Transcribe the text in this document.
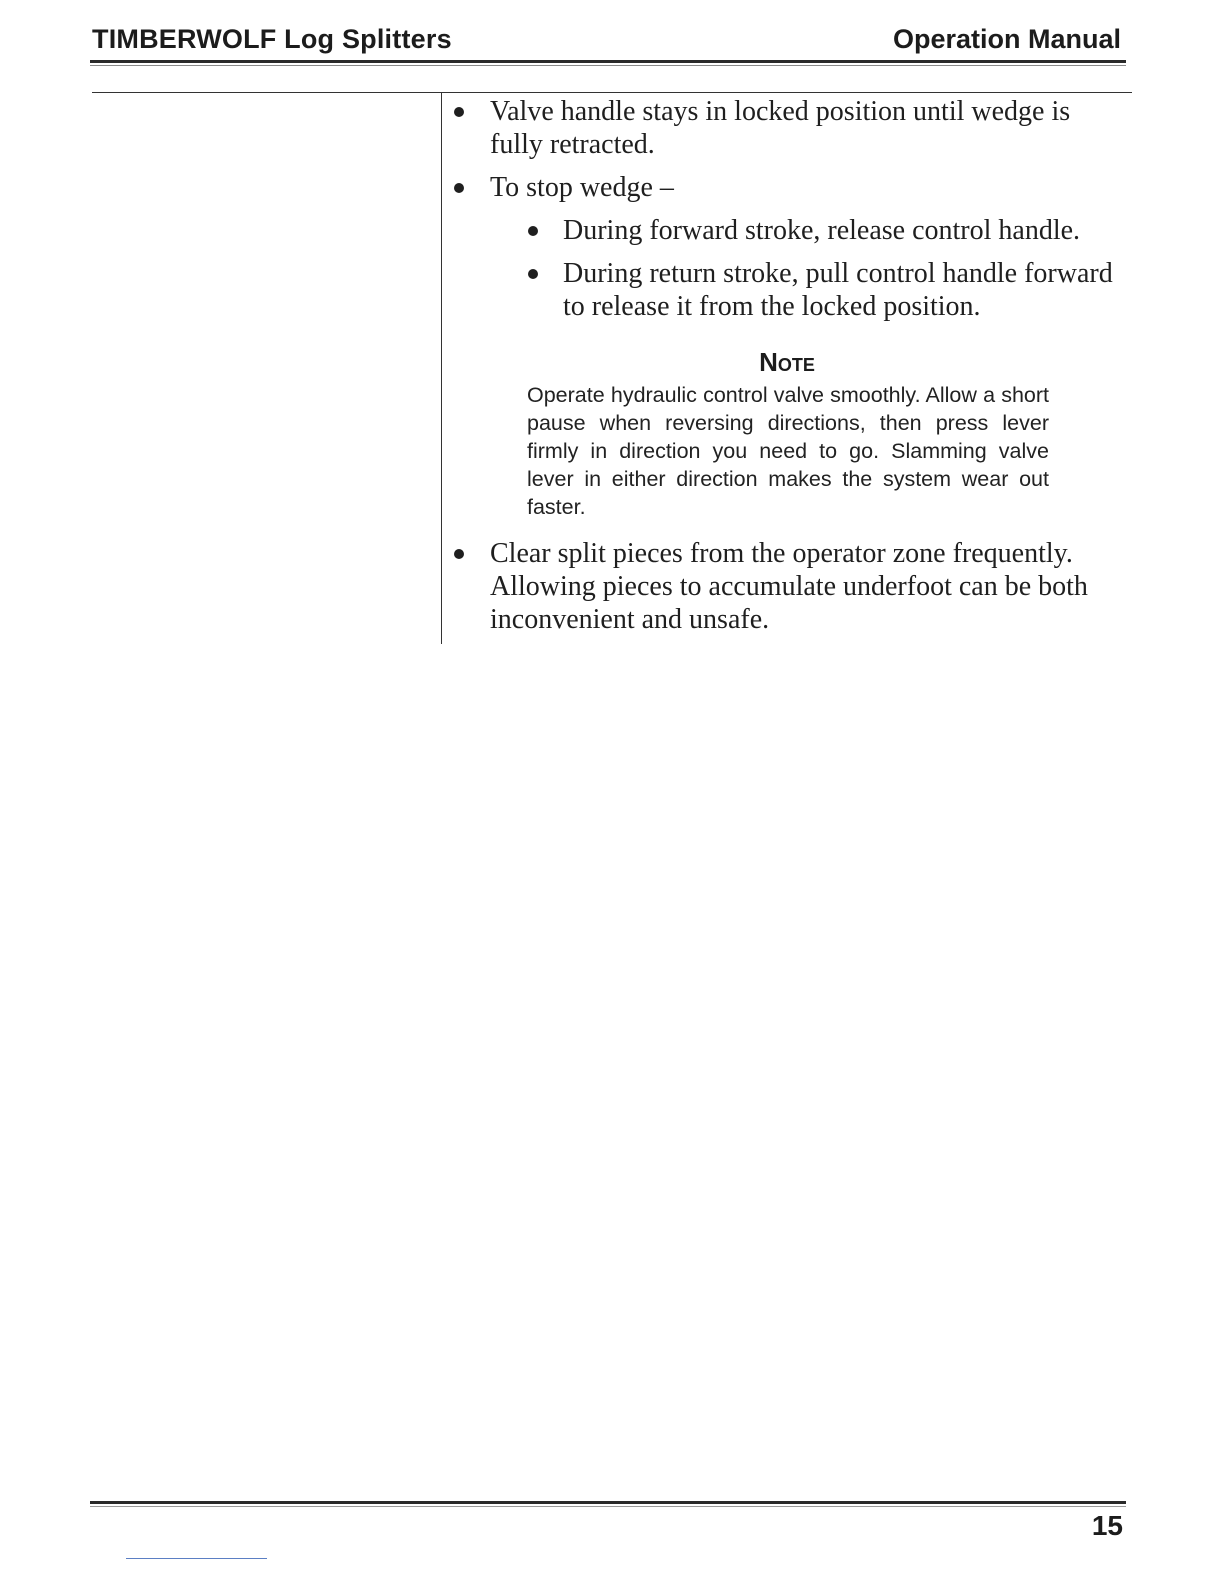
TIMBERWOLF Log Splitters	Operation Manual
Valve handle stays in locked position until wedge is fully retracted.
To stop wedge –
During forward stroke, release control handle.
During return stroke, pull control handle forward to release it from the locked position.
Note
Operate hydraulic control valve smoothly. Allow a short pause when reversing directions, then press lever firmly in direction you need to go. Slamming valve lever in either direction makes the system wear out faster.
Clear split pieces from the operator zone frequently. Allowing pieces to accumulate underfoot can be both inconvenient and unsafe.
15
